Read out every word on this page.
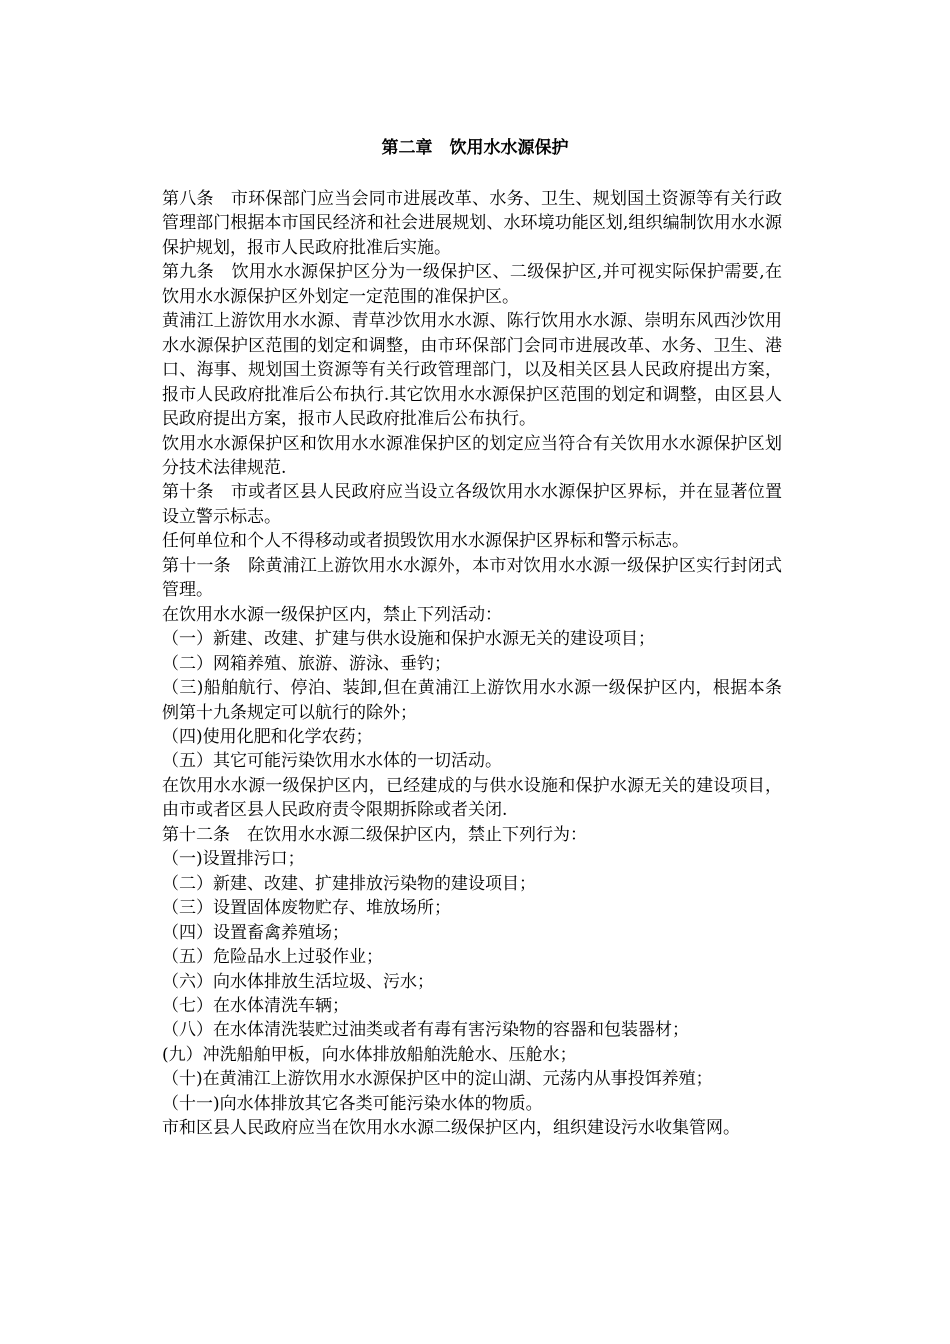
第二章　饮用水水源保护

第八条　市环保部门应当会同市进展改革、水务、卫生、规划国土资源等有关行政管理部门根据本市国民经济和社会进展规划、水环境功能区划,组织编制饮用水水源保护规划，报市人民政府批准后实施。

第九条　饮用水水源保护区分为一级保护区、二级保护区,并可视实际保护需要,在饮用水水源保护区外划定一定范围的准保护区。

黄浦江上游饮用水水源、青草沙饮用水水源、陈行饮用水水源、崇明东风西沙饮用水水源保护区范围的划定和调整，由市环保部门会同市进展改革、水务、卫生、港口、海事、规划国土资源等有关行政管理部门，以及相关区县人民政府提出方案，报市人民政府批准后公布执行.其它饮用水水源保护区范围的划定和调整，由区县人民政府提出方案，报市人民政府批准后公布执行。

饮用水水源保护区和饮用水水源准保护区的划定应当符合有关饮用水水源保护区划分技术法律规范.

第十条　市或者区县人民政府应当设立各级饮用水水源保护区界标，并在显著位置设立警示标志。

任何单位和个人不得移动或者损毁饮用水水源保护区界标和警示标志。

第十一条　除黄浦江上游饮用水水源外，本市对饮用水水源一级保护区实行封闭式管理。

在饮用水水源一级保护区内，禁止下列活动：

（一）新建、改建、扩建与供水设施和保护水源无关的建设项目；

（二）网箱养殖、旅游、游泳、垂钓；

（三)船舶航行、停泊、装卸,但在黄浦江上游饮用水水源一级保护区内，根据本条例第十九条规定可以航行的除外；

（四)使用化肥和化学农药；

（五）其它可能污染饮用水水体的一切活动。

在饮用水水源一级保护区内，已经建成的与供水设施和保护水源无关的建设项目，由市或者区县人民政府责令限期拆除或者关闭.

第十二条　在饮用水水源二级保护区内，禁止下列行为：

（一)设置排污口；

（二）新建、改建、扩建排放污染物的建设项目；

（三）设置固体废物贮存、堆放场所；

（四）设置畜禽养殖场；

（五）危险品水上过驳作业；

（六）向水体排放生活垃圾、污水；

（七）在水体清洗车辆；

（八）在水体清洗装贮过油类或者有毒有害污染物的容器和包装器材；

(九）冲洗船舶甲板，向水体排放船舶洗舱水、压舱水；

（十)在黄浦江上游饮用水水源保护区中的淀山湖、元荡内从事投饵养殖；

（十一)向水体排放其它各类可能污染水体的物质。

市和区县人民政府应当在饮用水水源二级保护区内，组织建设污水收集管网。
